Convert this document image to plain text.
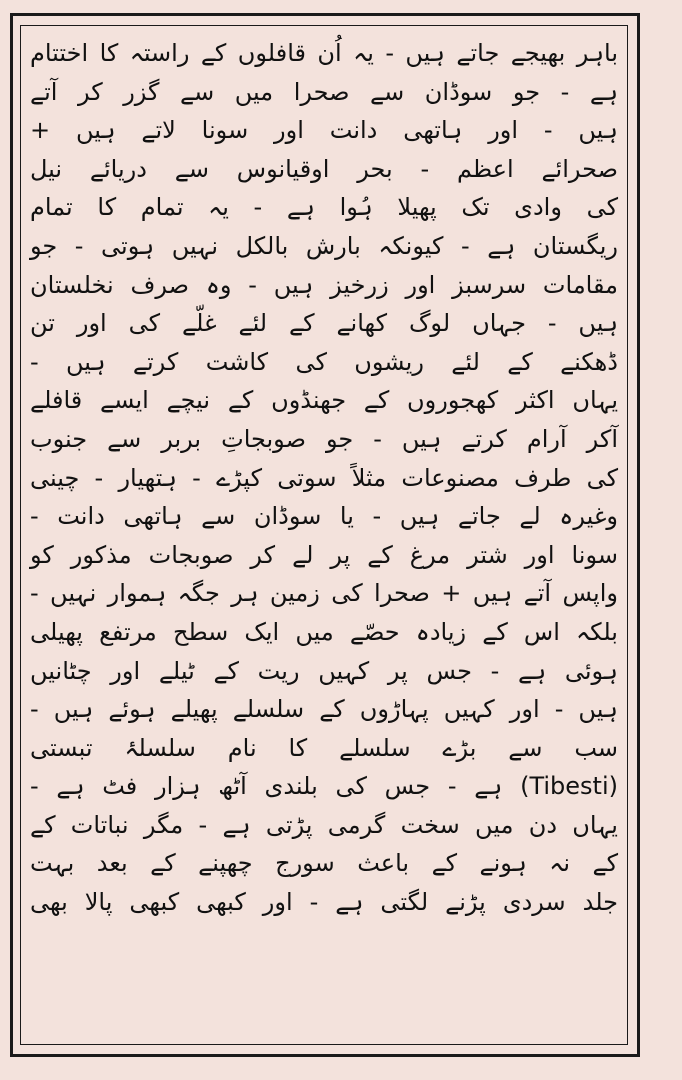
باہر بھیجے جاتے ہیں - یہ اُن قافلوں کے راستہ کا اختتام
ہے - جو سوڈان سے صحرا میں سے گزر کر آتے
ہیں - اور ہاتھی دانت اور سونا لاتے ہیں +
صحرائے اعظم - بحر اوقیانوس سے دریائے نیل
کی وادی تک پھیلا ہُوا ہے - یہ تمام کا تمام
ریگستان ہے - کیونکہ بارش بالکل نہیں ہوتی - جو
مقامات سرسبز اور زرخیز ہیں - وہ صرف نخلستان
ہیں - جہاں لوگ کھانے کے لئے غلّے کی اور تن
ڈھکنے کے لئے ریشوں کی کاشت کرتے ہیں -
یہاں اکثر کھجوروں کے جھنڈوں کے نیچے ایسے قافلے
آکر آرام کرتے ہیں - جو صوبجاتِ بربر سے جنوب
کی طرف مصنوعات مثلاً سوتی کپڑے - ہتھیار - چینی
وغیرہ لے جاتے ہیں - یا سوڈان سے ہاتھی دانت -
سونا اور شتر مرغ کے پر لے کر صوبجات مذکور کو
واپس آتے ہیں + صحرا کی زمین ہر جگہ ہموار نہیں -
بلکہ اس کے زیادہ حصّے میں ایک سطح مرتفع پھیلی
ہوئی ہے - جس پر کہیں ریت کے ٹیلے اور چٹانیں
ہیں - اور کہیں پہاڑوں کے سلسلے پھیلے ہوئے ہیں -
سب سے بڑے سلسلے کا نام سلسلۂ تبستی
(Tibesti) ہے - جس کی بلندی آٹھ ہزار فٹ ہے -
یہاں دن میں سخت گرمی پڑتی ہے - مگر نباتات کے
کے نہ ہونے کے باعث سورج چھپنے کے بعد بہت
جلد سردی پڑنے لگتی ہے - اور کبھی کبھی پالا بھی
